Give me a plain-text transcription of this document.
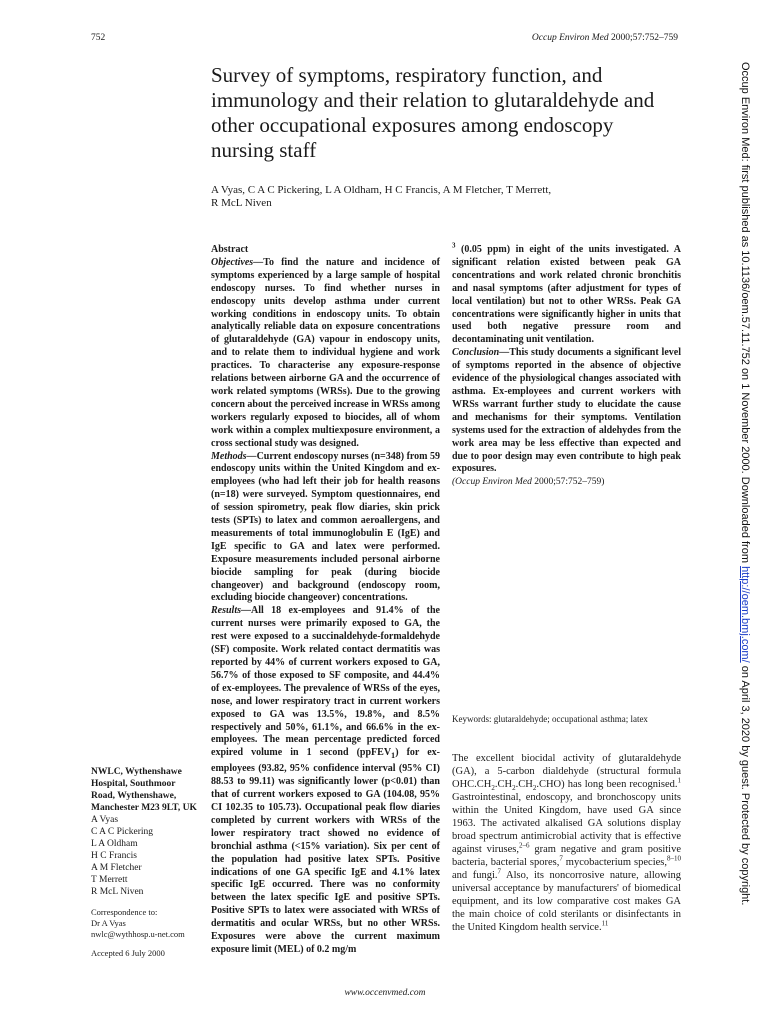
752	Occup Environ Med 2000;57:752–759
Survey of symptoms, respiratory function, and immunology and their relation to glutaraldehyde and other occupational exposures among endoscopy nursing staff
A Vyas, C A C Pickering, L A Oldham, H C Francis, A M Fletcher, T Merrett,
R McL Niven

Abstract

Objectives—To find the nature and incidence of symptoms experienced by a large sample of hospital endoscopy nurses. To find whether nurses in endoscopy units develop asthma under current working conditions in endoscopy units. To obtain analytically reliable data on exposure concentrations of glutaraldehyde (GA) vapour in endoscopy units, and to relate them to individual hygiene and work practices. To characterise any exposure-response relations between airborne GA and the occurrence of work related symptoms (WRSs). Due to the growing concern about the perceived increase in WRSs among workers regularly exposed to biocides, all of whom work within a complex multiexposure environment, a cross sectional study was designed.

Methods—Current endoscopy nurses (n=348) from 59 endoscopy units within the United Kingdom and ex-employees (who had left their job for health reasons (n=18) were surveyed. Symptom questionnaires, end of session spirometry, peak flow diaries, skin prick tests (SPTs) to latex and common aeroallergens, and measurements of total immunoglobulin E (IgE) and IgE specific to GA and latex were performed. Exposure measurements included personal airborne biocide sampling for peak (during biocide changeover) and background (endoscopy room, excluding biocide changeover) concentrations.

Results—All 18 ex-employees and 91.4% of the current nurses were primarily exposed to GA, the rest were exposed to a succinaldehyde-formaldehyde (SF) composite. Work related contact dermatitis was reported by 44% of current workers exposed to GA, 56.7% of those exposed to SF composite, and 44.4% of ex-employees. The prevalence of WRSs of the eyes, nose, and lower respiratory tract in current workers exposed to GA was 13.5%, 19.8%, and 8.5% respectively and 50%, 61.1%, and 66.6% in the ex-employees. The mean percentage predicted forced expired volume in 1 second (ppFEV$_1$) for ex-employees (93.82, 95% confidence interval (95% CI) 88.53 to 99.11) was significantly lower (p<0.01) than that of current workers exposed to GA (104.08, 95% CI 102.35 to 105.73). Occupational peak flow diaries completed by current workers with WRSs of the lower respiratory tract showed no evidence of bronchial asthma (<15% variation). Six per cent of the population had positive latex SPTs. Positive indications of one GA specific IgE and 4.1% latex specific IgE occurred. There was no conformity between the latex specific IgE and positive SPTs. Positive SPTs to latex were associated with WRSs of dermatitis and ocular WRSs, but no other WRSs. Exposures were above the current maximum exposure limit (MEL) of 0.2 mg/m

$^3$ (0.05 ppm) in eight of the units investigated. A significant relation existed between peak GA concentrations and work related chronic bronchitis and nasal symptoms (after adjustment for types of local ventilation) but not to other WRSs. Peak GA concentrations were significantly higher in units that used both negative pressure room and decontaminating unit ventilation.

Conclusion—This study documents a significant level of symptoms reported in the absence of objective evidence of the physiological changes associated with asthma. Ex-employees and current workers with WRSs warrant further study to elucidate the cause and mechanisms for their symptoms. Ventilation systems used for the extraction of aldehydes from the work area may be less effective than expected and due to poor design may even contribute to high peak exposures.

(Occup Environ Med 2000;57:752–759)

Keywords: glutaraldehyde; occupational asthma; latex
The excellent biocidal activity of glutaraldehyde (GA), a 5-carbon dialdehyde (structural formula $OHC.CH_2.CH_2.CH_2.CHO$) has long been recognised.$^1$ Gastrointestinal, endoscopy, and bronchoscopy units within the United Kingdom, have used GA since 1963. The activated alkalised GA solutions display broad spectrum antimicrobial activity that is effective against viruses,$^{2-6}$ gram negative and gram positive bacteria, bacterial spores,$^7$ mycobacterium species,$^{8-10}$ and fungi.$^7$ Also, its noncorrosive nature, allowing universal acceptance by manufacturers' of biomedical equipment, and its low comparative cost makes GA the main choice of cold sterilants or disinfectants in the United Kingdom health service.$^{11}$
NWLC, Wythenshawe Hospital, Southmoor Road, Wythenshawe, Manchester M23 9LT, UK
A Vyas
C A C Pickering
L A Oldham
H C Francis
A M Fletcher
T Merrett
R McL Niven
Correspondence to:
Dr A Vyas
nwlc@wythhosp.u-net.com
Accepted 6 July 2000
www.occenvmed.com
Occup Environ Med: first published as 10.1136/oem.57.11.752 on 1 November 2000. Downloaded from http://oem.bmj.com/ on April 3, 2020 by guest. Protected by copyright.
